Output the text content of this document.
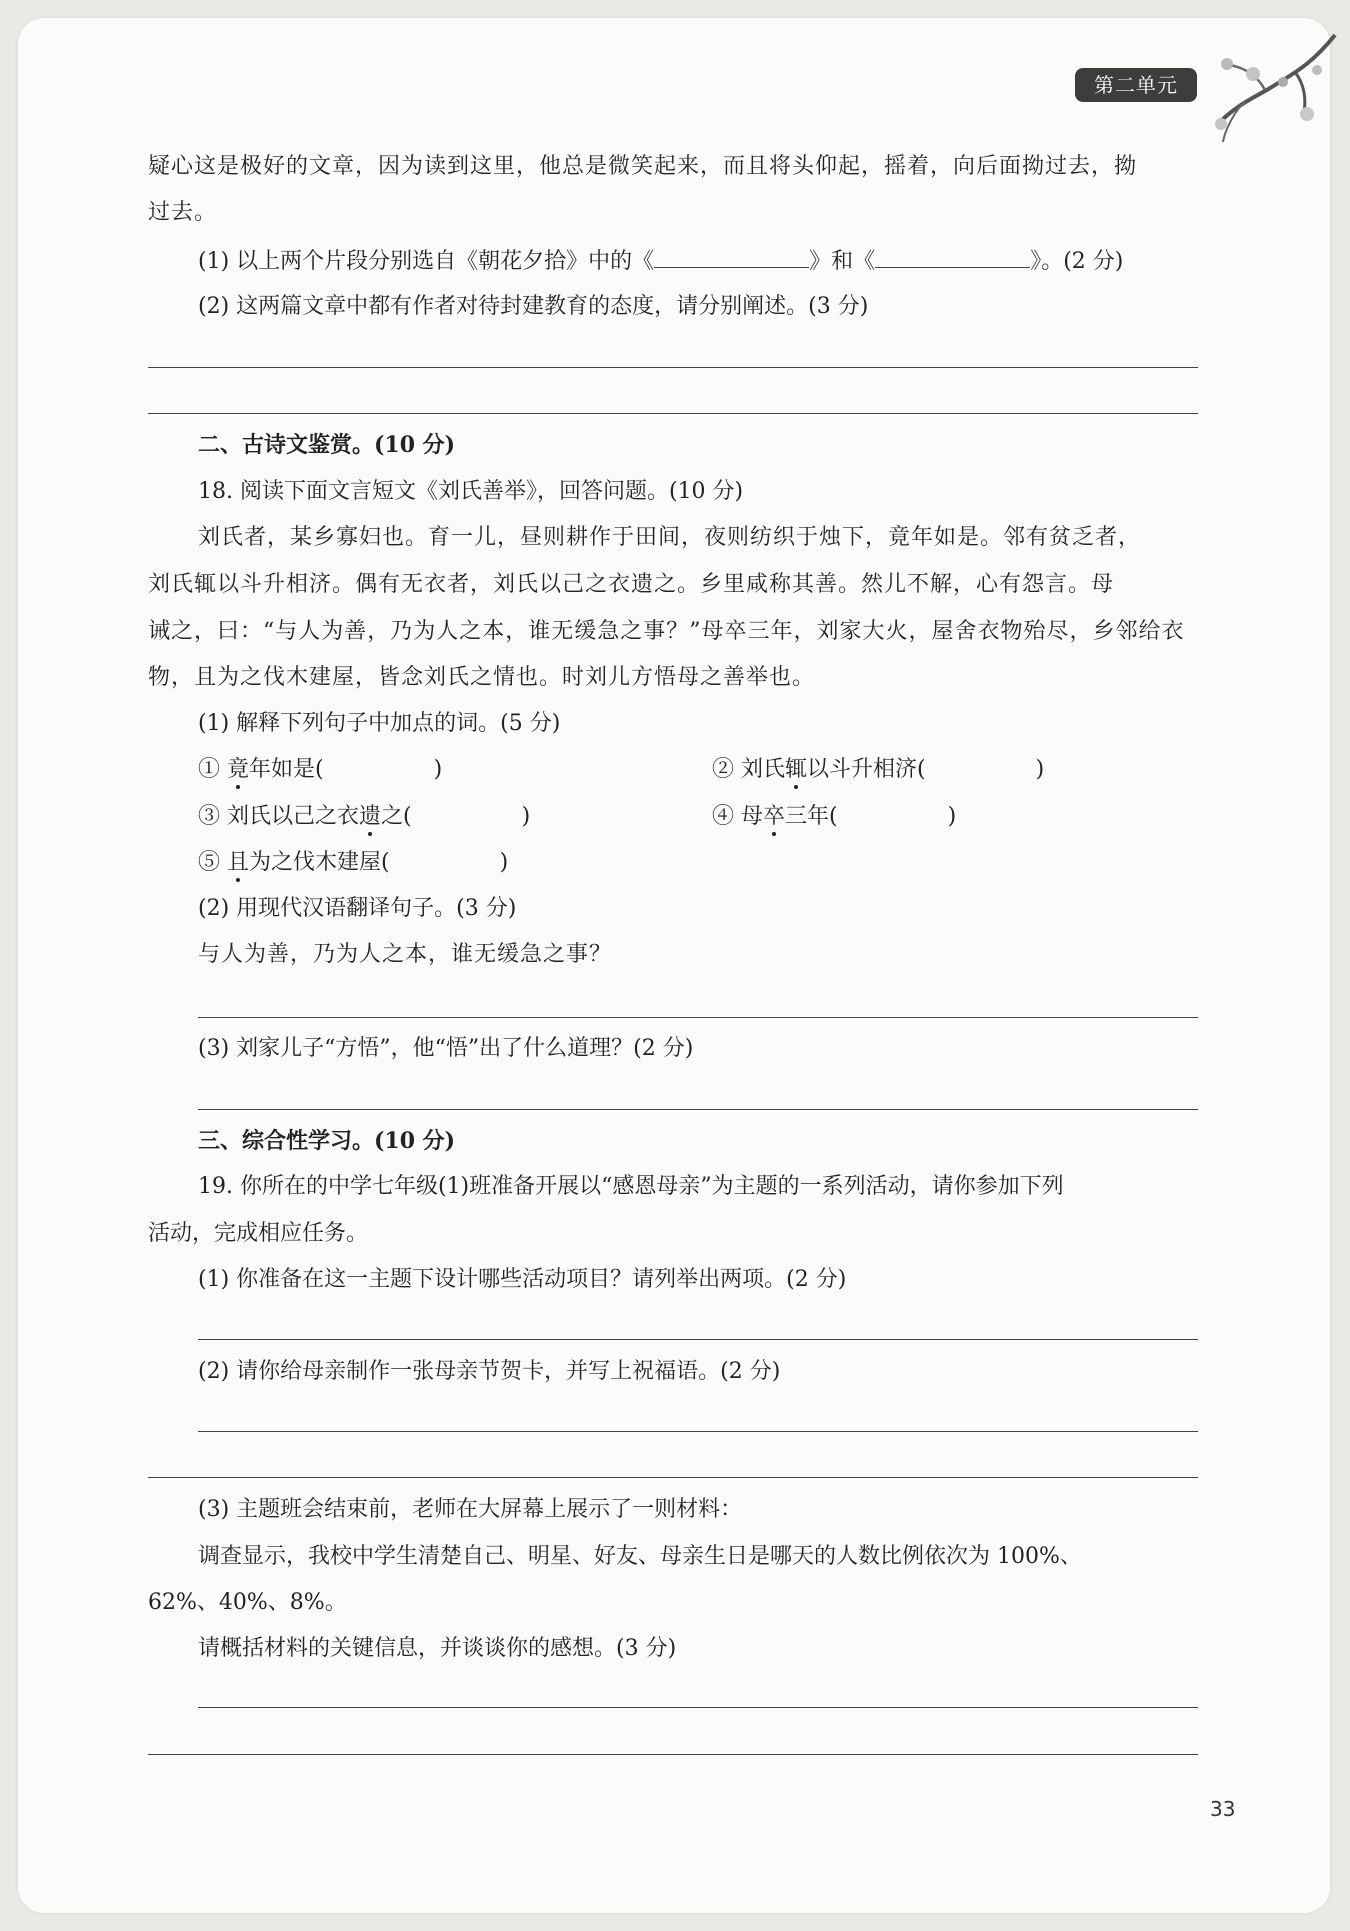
第二单元
疑心这是极好的文章，因为读到这里，他总是微笑起来，而且将头仰起，摇着，向后面拗过去，拗
过去。
(1) 以上两个片段分别选自《朝花夕拾》中的《	》和《	》。(2 分)
(2) 这两篇文章中都有作者对待封建教育的态度，请分别阐述。(3 分)
二、古诗文鉴赏。(10 分)
18. 阅读下面文言短文《刘氏善举》，回答问题。(10 分)
刘氏者，某乡寡妇也。育一儿，昼则耕作于田间，夜则纺织于烛下，竟年如是。邻有贫乏者，
刘氏辄以斗升相济。偶有无衣者，刘氏以己之衣遗之。乡里咸称其善。然儿不解，心有怨言。母
诫之，曰：“与人为善，乃为人之本，谁无缓急之事？”母卒三年，刘家大火，屋舍衣物殆尽，乡邻给衣
物，且为之伐木建屋，皆念刘氏之情也。时刘儿方悟母之善举也。
(1) 解释下列句子中加点的词。(5 分)
① 竟年如是(	)	② 刘氏辄以斗升相济(	)
③ 刘氏以己之衣遗之(	)	④ 母卒三年(	)
⑤ 且为之伐木建屋(	)
(2) 用现代汉语翻译句子。(3 分)
与人为善，乃为人之本，谁无缓急之事？
(3) 刘家儿子“方悟”，他“悟”出了什么道理？(2 分)
三、综合性学习。(10 分)
19. 你所在的中学七年级(1)班准备开展以“感恩母亲”为主题的一系列活动，请你参加下列
活动，完成相应任务。
(1) 你准备在这一主题下设计哪些活动项目？请列举出两项。(2 分)
(2) 请你给母亲制作一张母亲节贺卡，并写上祝福语。(2 分)
(3) 主题班会结束前，老师在大屏幕上展示了一则材料：
调查显示，我校中学生清楚自己、明星、好友、母亲生日是哪天的人数比例依次为 100%、
62%、40%、8%。
请概括材料的关键信息，并谈谈你的感想。(3 分)
33
